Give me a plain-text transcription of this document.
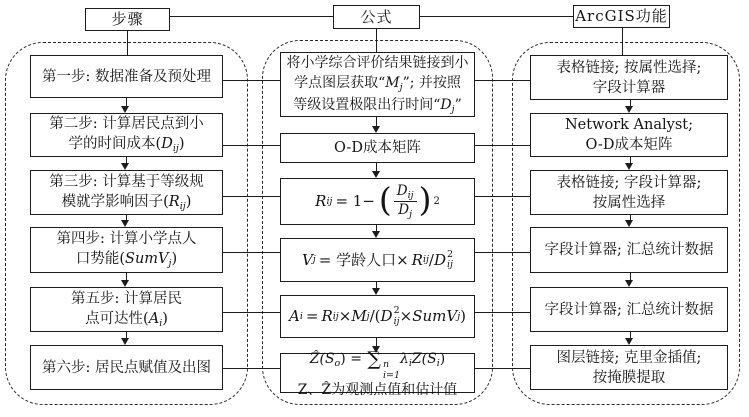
步骤	公式	ArcGIS功能
第一步: 数据准备及预处理
第二步: 计算居民点到小
学的时间成本$(D_{ij})$
第三步: 计算基于等级规
模就学影响因子$(R_{ij})$
第四步: 计算小学点人
口势能(SumV$_j$)
第五步: 计算居民
点可达性$(A_i)$
第六步: 居民点赋值及出图
将小学综合评价结果链接到小
学点图层获取“$M_j$”; 并按照
等级设置极限出行时间“$D_j$”
O-D成本矩阵
R ij = 1− ( $\frac{D_{ij}}{D_j}$ ) 2
V j = 学龄人口× R ij / D 2
ij
A i = R ij × M j /( D 2
ij × SumV j )
$Ẑ(S_o)$ = ∑ n
i=1
$\lambda_iZ(S_i)$
Z、Ẑ为观测点值和估计值
表格链接; 按属性选择;
字段计算器
Network Analyst;
O-D成本矩阵
表格链接; 字段计算器;
按属性选择
字段计算器; 汇总统计数据
字段计算器; 汇总统计数据
图层链接; 克里金插值;
按掩膜提取
